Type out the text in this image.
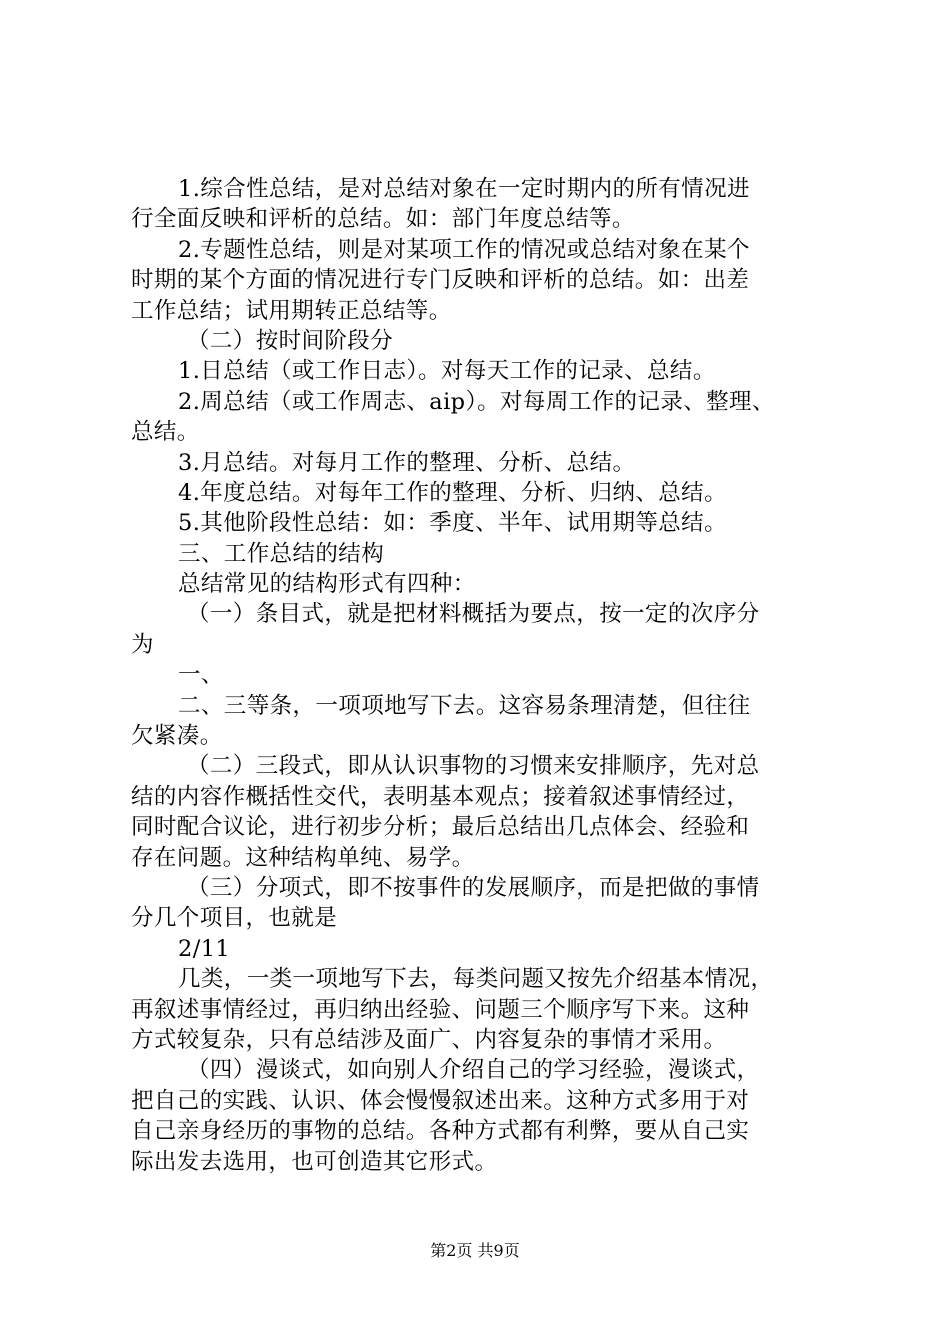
1.综合性总结，是对总结对象在一定时期内的所有情况进
行全面反映和评析的总结。如：部门年度总结等。
2.专题性总结，则是对某项工作的情况或总结对象在某个
时期的某个方面的情况进行专门反映和评析的总结。如：出差
工作总结；试用期转正总结等。
（二）按时间阶段分
1.日总结（或工作日志）。对每天工作的记录、总结。
2.周总结（或工作周志、aip）。对每周工作的记录、整理、
总结。
3.月总结。对每月工作的整理、分析、总结。
4.年度总结。对每年工作的整理、分析、归纳、总结。
5.其他阶段性总结：如：季度、半年、试用期等总结。
三、工作总结的结构
总结常见的结构形式有四种：
（一）条目式，就是把材料概括为要点，按一定的次序分
为
一、
二、三等条，一项项地写下去。这容易条理清楚，但往往
欠紧凑。
（二）三段式，即从认识事物的习惯来安排顺序，先对总
结的内容作概括性交代，表明基本观点；接着叙述事情经过，
同时配合议论，进行初步分析；最后总结出几点体会、经验和
存在问题。这种结构单纯、易学。
（三）分项式，即不按事件的发展顺序，而是把做的事情
分几个项目，也就是
2/11
几类，一类一项地写下去，每类问题又按先介绍基本情况，
再叙述事情经过，再归纳出经验、问题三个顺序写下来。这种
方式较复杂，只有总结涉及面广、内容复杂的事情才采用。
（四）漫谈式，如向别人介绍自己的学习经验，漫谈式，
把自己的实践、认识、体会慢慢叙述出来。这种方式多用于对
自己亲身经历的事物的总结。各种方式都有利弊，要从自己实
际出发去选用，也可创造其它形式。
第2页 共9页
